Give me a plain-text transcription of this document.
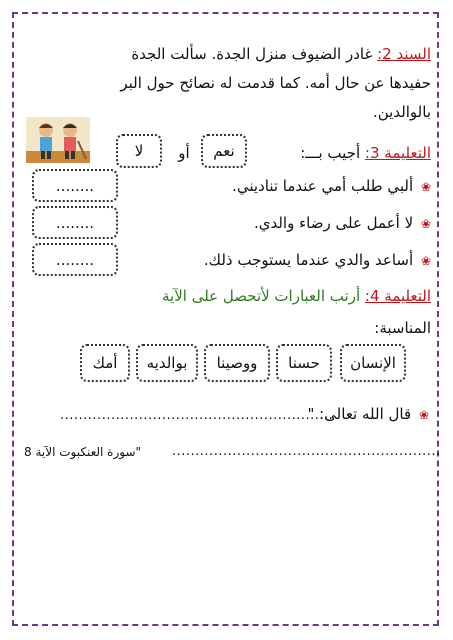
السند 2: غادر الضيوف منزل الجدة. سألت الجدة
حفيدها عن حال أمه. كما قدمت له نصائح حول البر
بالوالدين.
التعليمة 3: أجيب بـــ:
نعم
أو
لا
❀ ألبي طلب أمي عندما تناديني.
........
❀ لا أعمل على رضاء والدي.
........
❀ أساعد والدي عندما يستوجب ذلك.
........
التعليمة 4: أرتب العبارات لأتحصل على الآية
المناسبة:
الإنسان
حسنا
ووصينا
بوالديه
أمك
❀ قال الله تعالى: "
...........................................................
"سورة العنكبوت الآية 8	..........................................................
